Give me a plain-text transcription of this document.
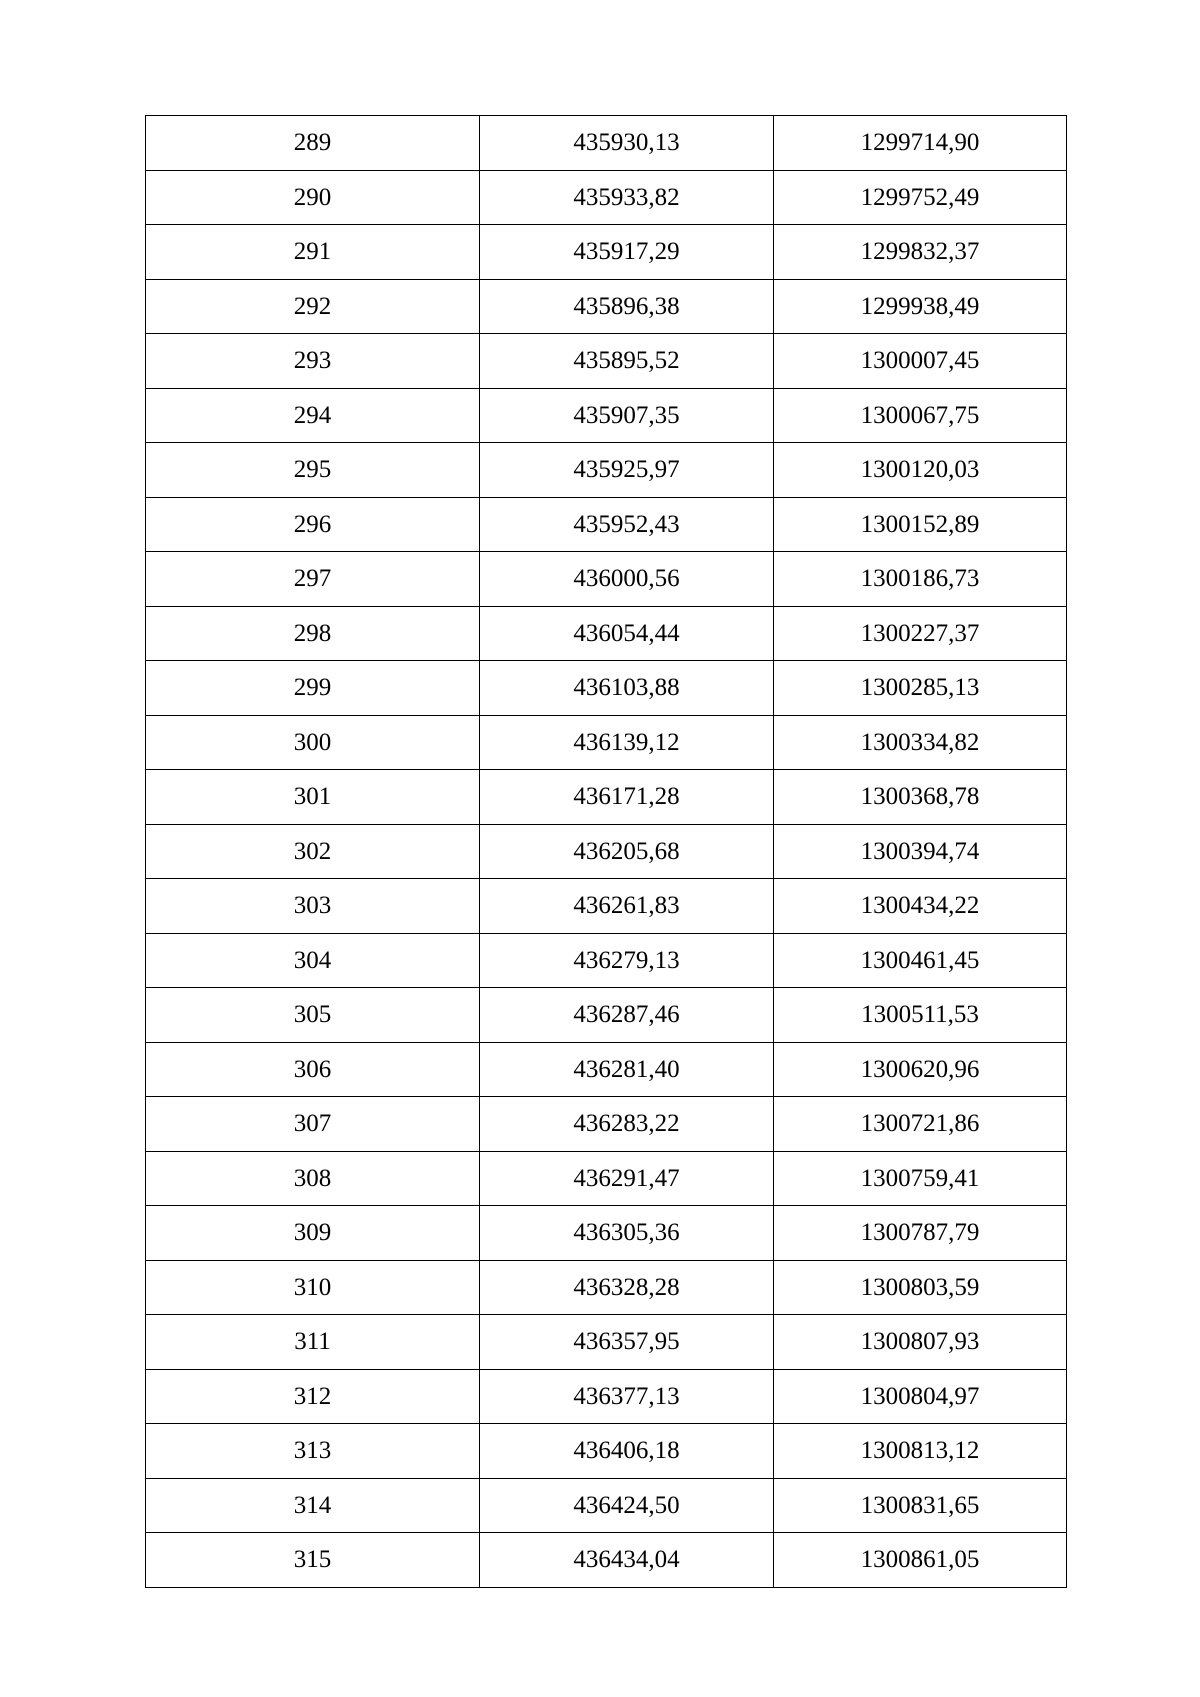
289	435930,13	1299714,90
290	435933,82	1299752,49
291	435917,29	1299832,37
292	435896,38	1299938,49
293	435895,52	1300007,45
294	435907,35	1300067,75
295	435925,97	1300120,03
296	435952,43	1300152,89
297	436000,56	1300186,73
298	436054,44	1300227,37
299	436103,88	1300285,13
300	436139,12	1300334,82
301	436171,28	1300368,78
302	436205,68	1300394,74
303	436261,83	1300434,22
304	436279,13	1300461,45
305	436287,46	1300511,53
306	436281,40	1300620,96
307	436283,22	1300721,86
308	436291,47	1300759,41
309	436305,36	1300787,79
310	436328,28	1300803,59
311	436357,95	1300807,93
312	436377,13	1300804,97
313	436406,18	1300813,12
314	436424,50	1300831,65
315	436434,04	1300861,05
